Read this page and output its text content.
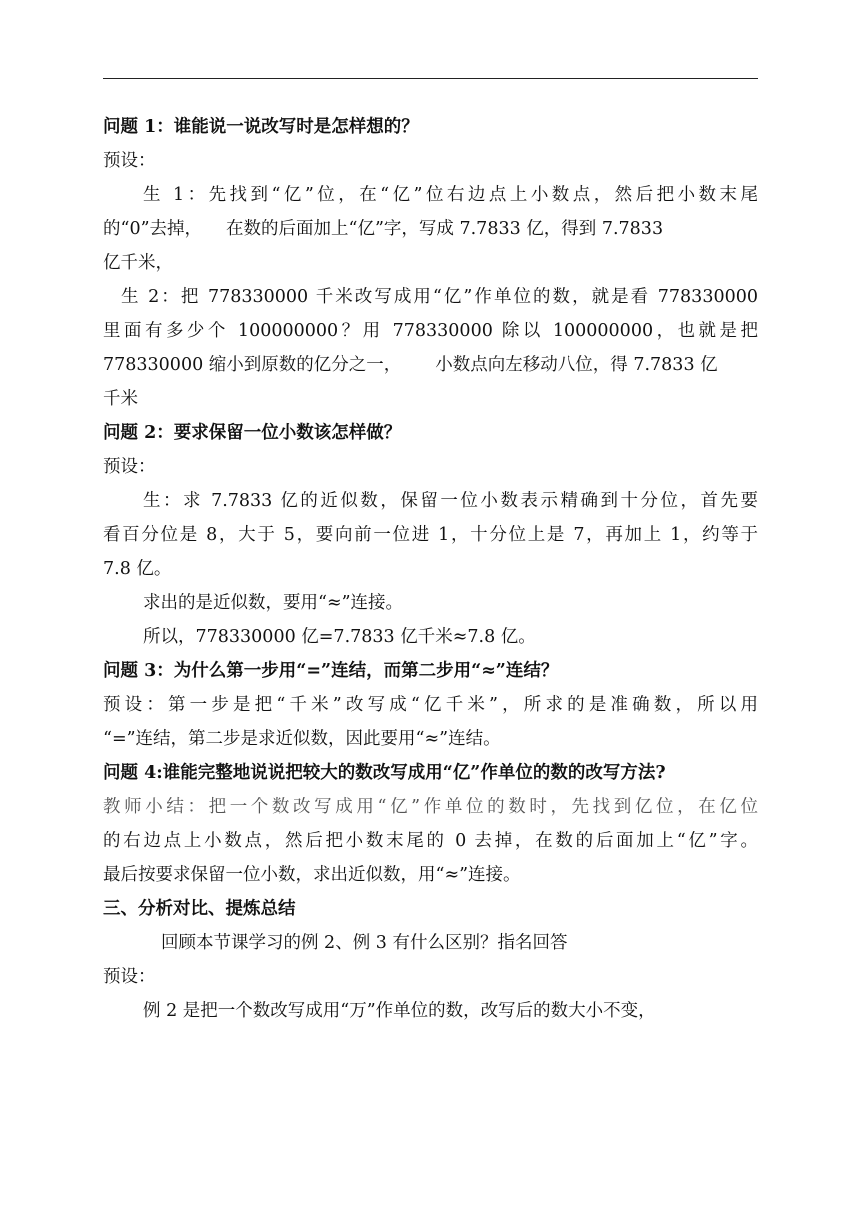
问题 1：谁能说一说改写时是怎样想的？
预设：
生 1：先找到“亿”位，在“亿”位右边点上小数点，然后把小数末尾
的“0”去掉， 在数的后面加上“亿”字，写成 7.7833 亿，得到 7.7833
亿千米，
生 2：把 778330000 千米改写成用“亿”作单位的数，就是看 778330000
里面有多少个 100000000？用 778330000 除以 100000000，也就是把
778330000 缩小到原数的亿分之一， 小数点向左移动八位，得 7.7833 亿
千米
问题 2：要求保留一位小数该怎样做？
预设：
生：求 7.7833 亿的近似数，保留一位小数表示精确到十分位，首先要
看百分位是 8，大于 5，要向前一位进 1，十分位上是 7，再加上 1，约等于
7.8 亿。
求出的是近似数，要用“≈”连接。
所以，778330000 亿=7.7833 亿千米≈7.8 亿。
问题 3：为什么第一步用“=”连结，而第二步用“≈”连结？
预设：第一步是把“千米”改写成“亿千米”，所求的是准确数，所以用
“=”连结，第二步是求近似数，因此要用“≈”连结。
问题 4:谁能完整地说说把较大的数改写成用“亿”作单位的数的改写方法?
教师小结：把一个数改写成用“亿”作单位的数时，先找到亿位，在亿位
的右边点上小数点，然后把小数末尾的 0 去掉，在数的后面加上“亿”字。
最后按要求保留一位小数，求出近似数，用“≈”连接。
三、分析对比、提炼总结
回顾本节课学习的例 2、例 3 有什么区别？指名回答
预设：
例 2 是把一个数改写成用“万”作单位的数，改写后的数大小不变，
